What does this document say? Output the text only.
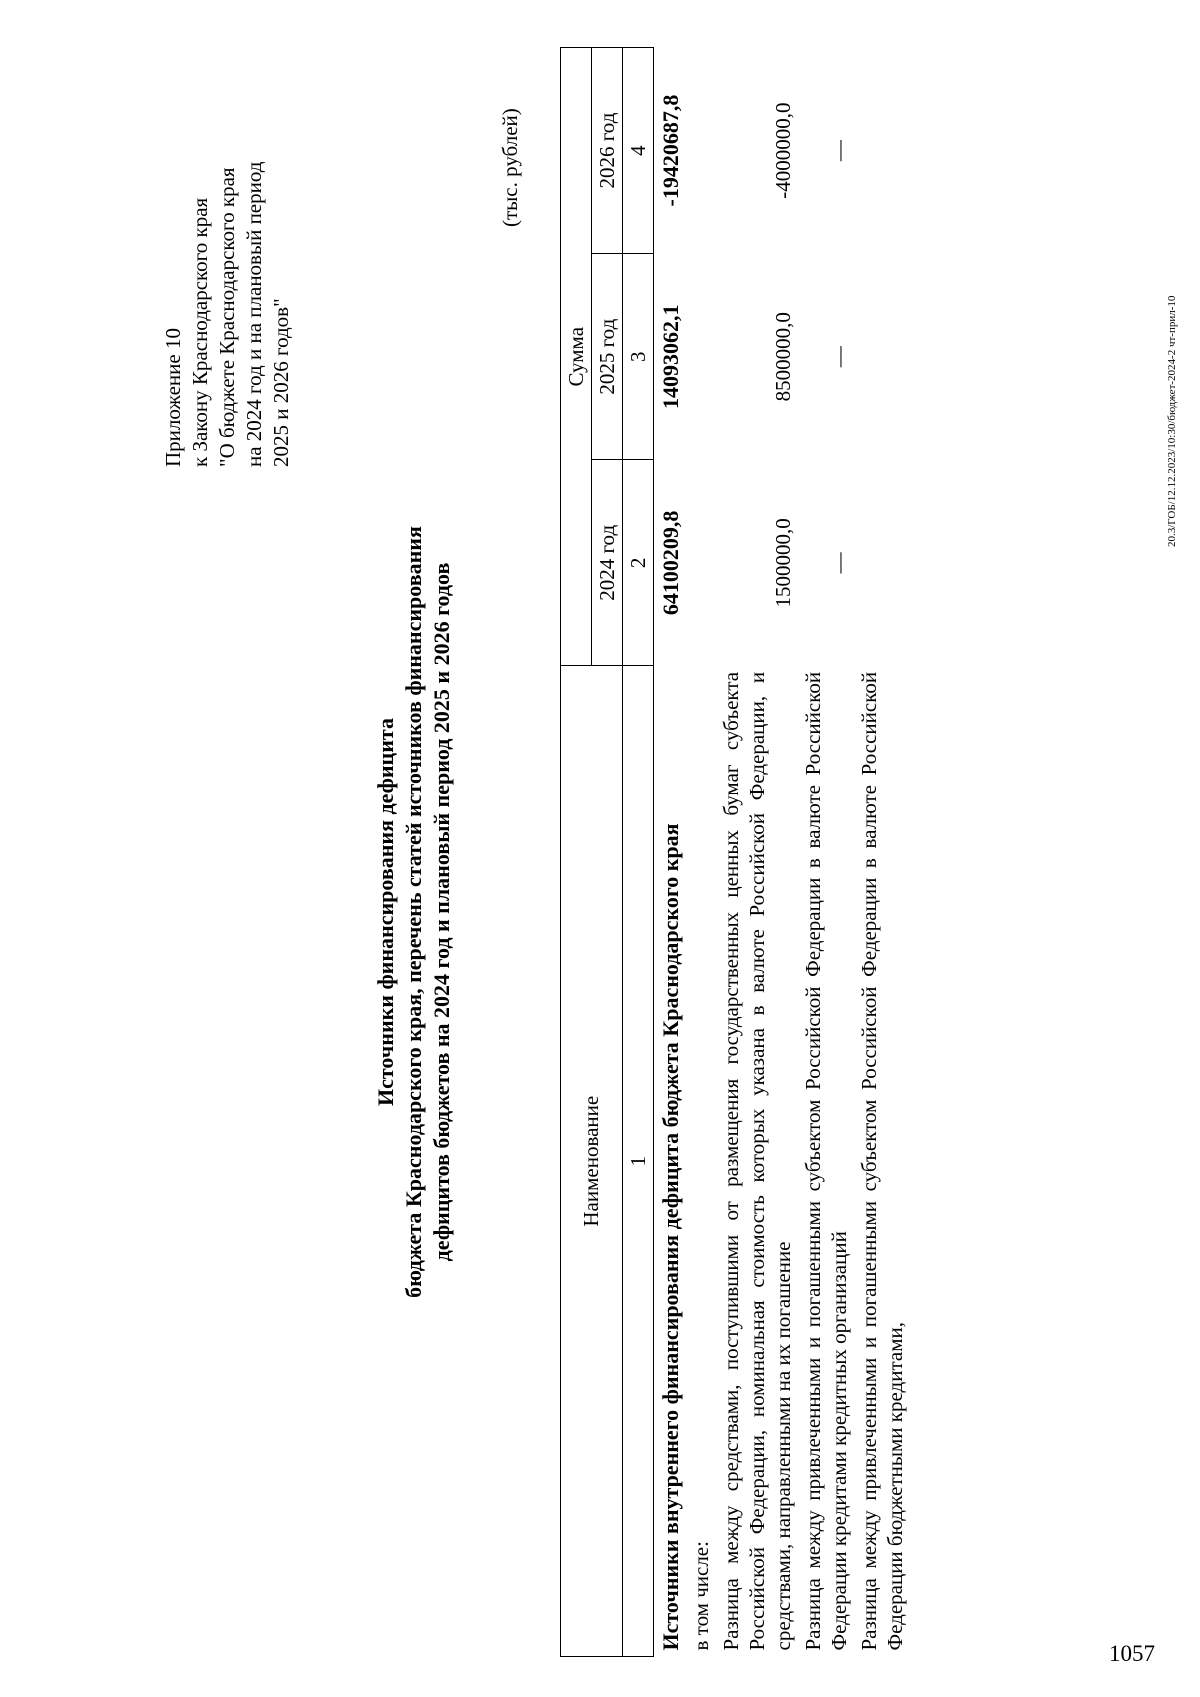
Приложение 10 к Закону Краснодарского края "О бюджете Краснодарского края на 2024 год и на плановый период 2025 и 2026 годов"
Источники финансирования дефицита бюджета Краснодарского края, перечень статей источников финансирования дефицитов бюджетов на 2024 год и плановый период 2025 и 2026 годов
(тыс. рублей)
Наименование	Сумма		
	2024 год	2025 год	2026 год
1	2	3	4
Источники внутреннего финансирования дефицита бюджета Краснодарского края	64100209,8	14093062,1	-19420687,8
в том числе:			
Разница между средствами, поступившими от размещения государственных ценных бумаг субъекта Российской Федерации, номинальная стоимость которых указана в валюте Российской Федерации, и средствами, направленными на их погашение	1500000,0	8500000,0	-4000000,0
Разница между привлеченными и погашенными субъектом Российской Федерации в валюте Российской Федерации кредитами кредитных организаций	—	—	—
Разница между привлеченными и погашенными субъектом Российской Федерации в валюте Российской Федерации бюджетными кредитами,			
20.3/ГОБ/12.12.2023/10:30/бюджет-2024-2 чт-прил-10
1057
